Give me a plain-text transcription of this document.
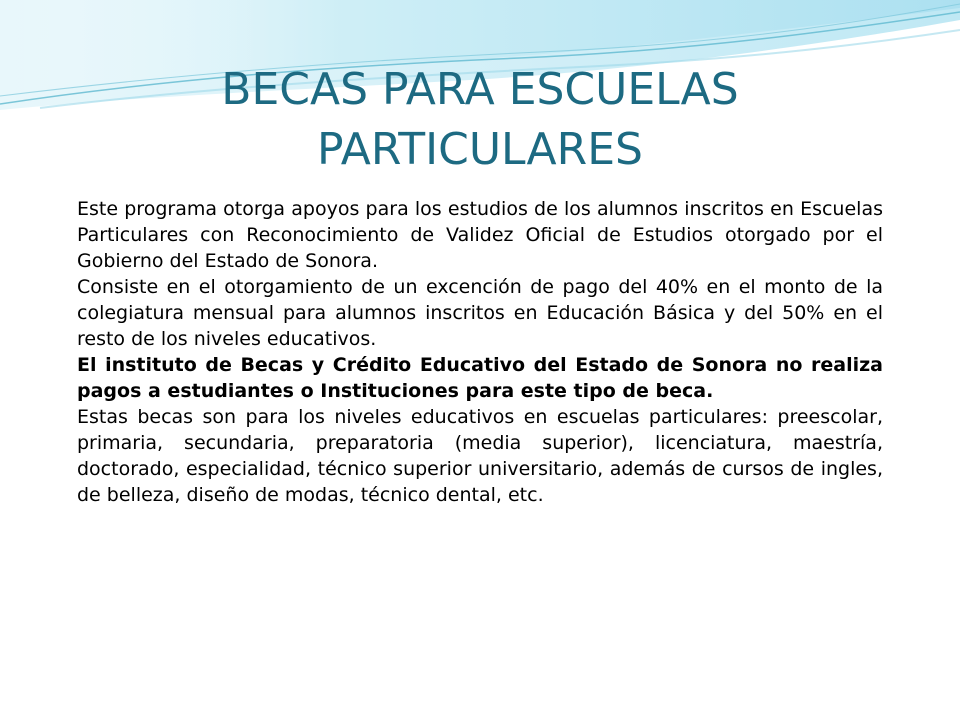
BECAS PARA ESCUELAS
PARTICULARES

Este programa otorga apoyos para los estudios de los alumnos inscritos en Escuelas Particulares con Reconocimiento de Validez Oficial de Estudios otorgado por el Gobierno del Estado de Sonora.

Consiste en el otorgamiento de un excención de pago del 40% en el monto de la colegiatura mensual para alumnos inscritos en Educación Básica y del 50% en el resto de los niveles educativos.

El instituto de Becas y Crédito Educativo del Estado de Sonora no realiza pagos a estudiantes o Instituciones para este tipo de beca.

Estas becas son para los niveles educativos en escuelas particulares: preescolar, primaria, secundaria, preparatoria (media superior), licenciatura, maestría, doctorado, especialidad, técnico superior universitario, además de cursos de ingles, de belleza, diseño de modas, técnico dental, etc.
